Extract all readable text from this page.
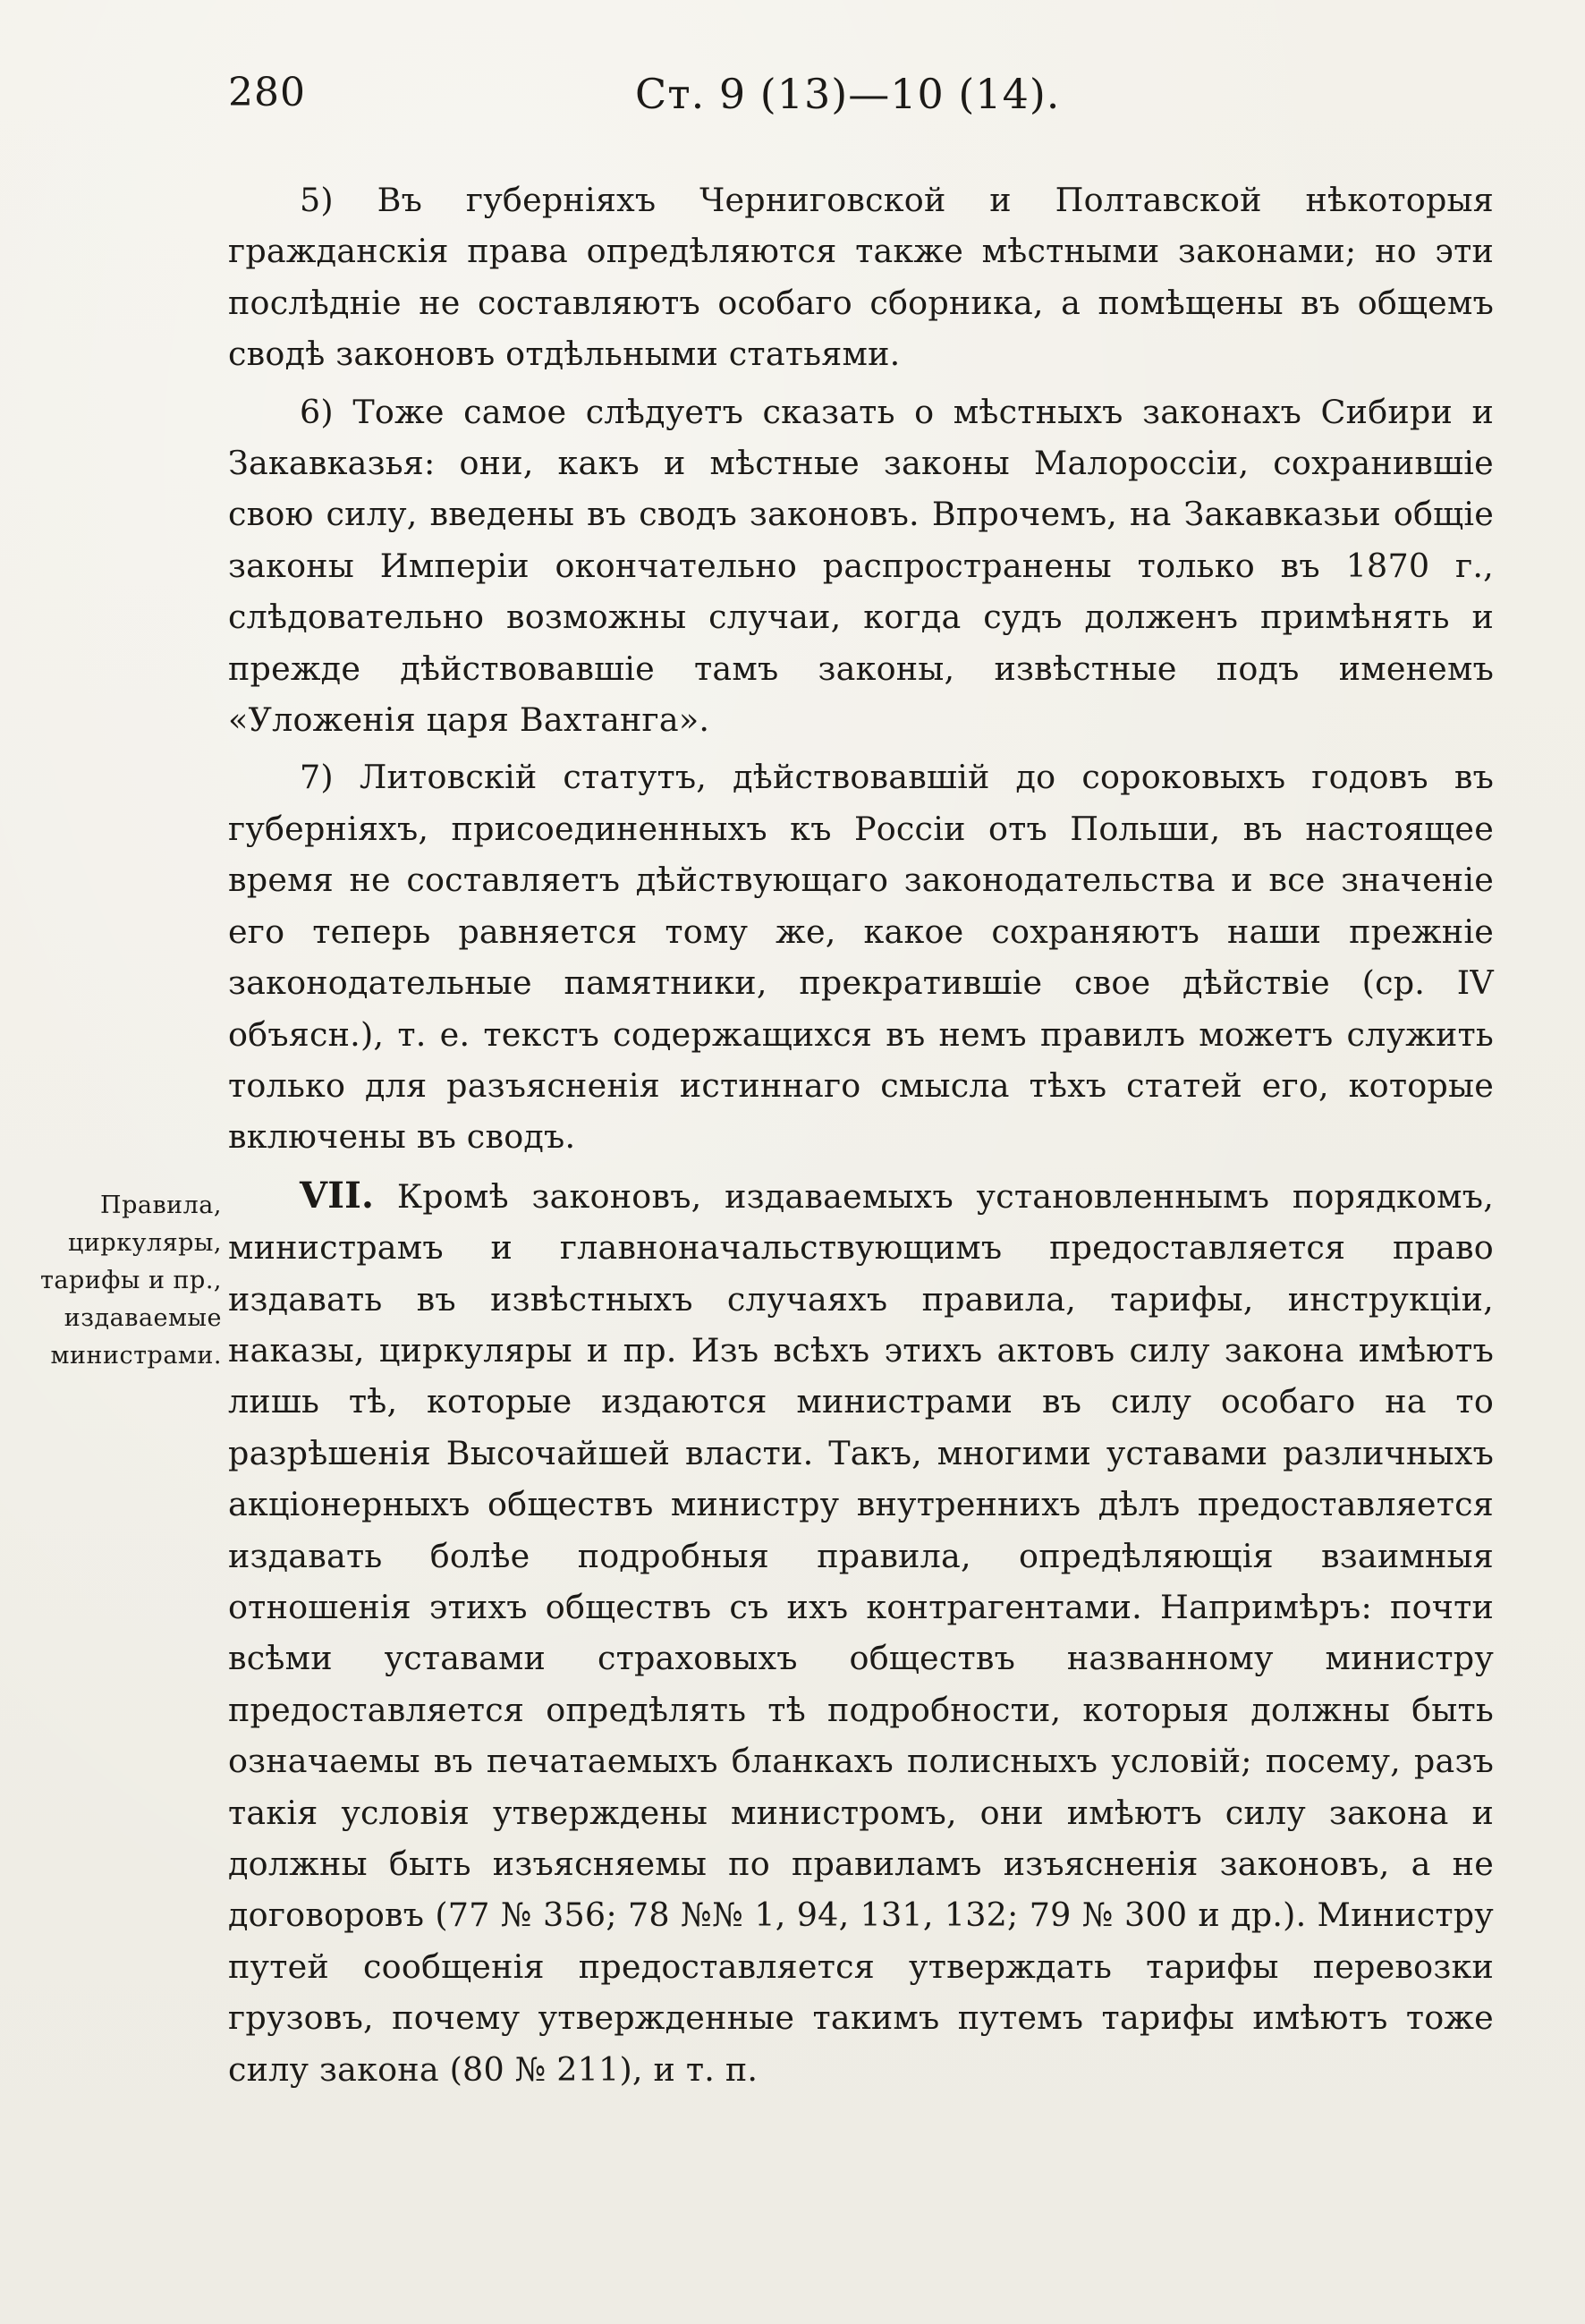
280	Ст. 9 (13)—10 (14).
Правила,
циркуляры,
тарифы и пр.,
издаваемые
министрами.

5) Въ губерніяхъ Черниговской и Полтавской нѣкоторыя гражданскія права опредѣляются также мѣстными законами; но эти послѣдніе не составляютъ особаго сборника, а помѣщены въ общемъ сводѣ законовъ отдѣльными статьями.

6) Тоже самое слѣдуетъ сказать о мѣстныхъ законахъ Сибири и Закавказья: они, какъ и мѣстные законы Малороссіи, сохранившіе свою силу, введены въ сводъ законовъ. Впрочемъ, на Закавказьи общіе законы Имперіи окончательно распространены только въ 1870 г., слѣдовательно возможны случаи, когда судъ долженъ примѣнять и прежде дѣйствовавшіе тамъ законы, извѣстные подъ именемъ «Уложенія царя Вахтанга».

7) Литовскій статутъ, дѣйствовавшій до сороковыхъ годовъ въ губерніяхъ, присоединенныхъ къ Россіи отъ Польши, въ настоящее время не составляетъ дѣйствующаго законодательства и все значеніе его теперь равняется тому же, какое сохраняютъ наши прежніе законодательные памятники, прекратившіе свое дѣйствіе (ср. IV объясн.), т. е. текстъ содержащихся въ немъ правилъ можетъ служить только для разъясненія истиннаго смысла тѣхъ статей его, которые включены въ сводъ.

VII. Кромѣ законовъ, издаваемыхъ установленнымъ порядкомъ, министрамъ и главноначальствующимъ предоставляется право издавать въ извѣстныхъ случаяхъ правила, тарифы, инструкціи, наказы, циркуляры и пр. Изъ всѣхъ этихъ актовъ силу закона имѣютъ лишь тѣ, которые издаются министрами въ силу особаго на то разрѣшенія Высочайшей власти. Такъ, многими уставами различныхъ акціонерныхъ обществъ министру внутреннихъ дѣлъ предоставляется издавать болѣе подробныя правила, опредѣляющія взаимныя отношенія этихъ обществъ съ ихъ контрагентами. Напримѣръ: почти всѣми уставами страховыхъ обществъ названному министру предоставляется опредѣлять тѣ подробности, которыя должны быть означаемы въ печатаемыхъ бланкахъ полисныхъ условій; посему, разъ такія условія утверждены министромъ, они имѣютъ силу закона и должны быть изъясняемы по правиламъ изъясненія законовъ, а не договоровъ (77 № 356; 78 №№ 1, 94, 131, 132; 79 № 300 и др.). Министру путей сообщенія предоставляется утверждать тарифы перевозки грузовъ, почему утвержденные такимъ путемъ тарифы имѣютъ тоже силу закона (80 № 211), и т. п.
